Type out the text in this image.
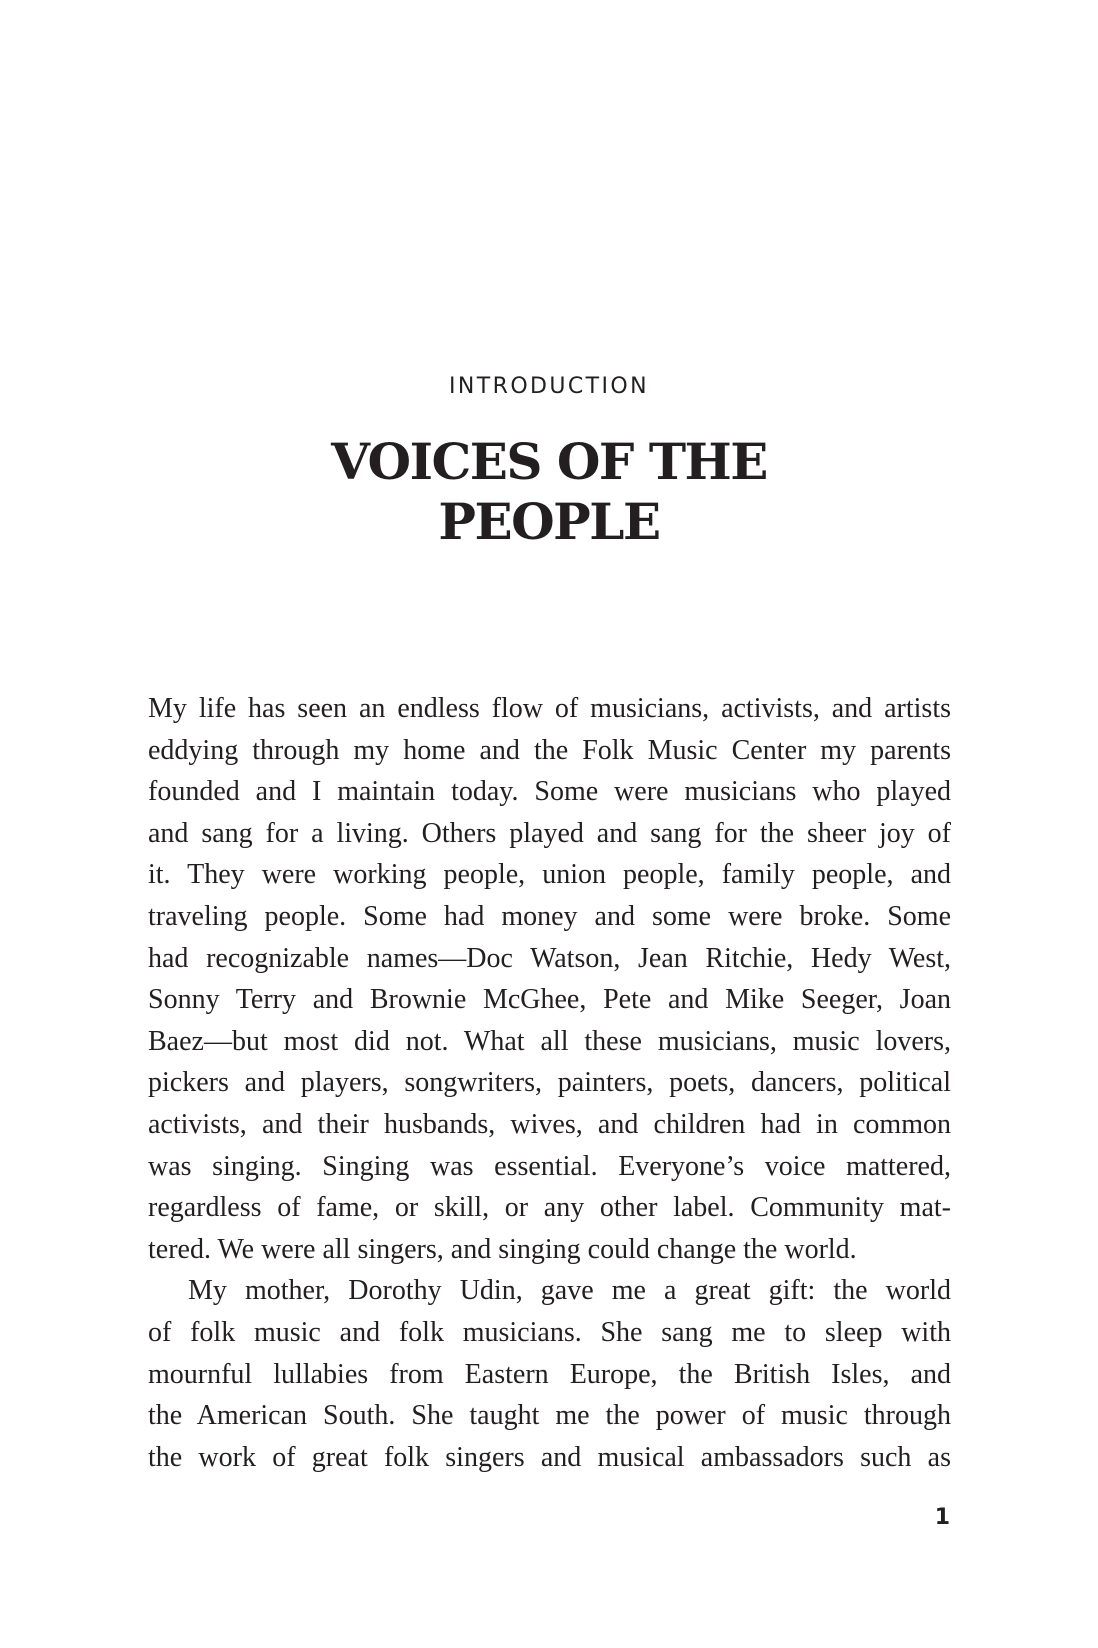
INTRODUCTION
VOICES OF THE
PEOPLE

My life has seen an endless flow of musicians, activists, and artists
eddying through my home and the Folk Music Center my parents
founded and I maintain today. Some were musicians who played
and sang for a living. Others played and sang for the sheer joy of
it. They were working people, union people, family people, and
traveling people. Some had money and some were broke. Some
had recognizable names—Doc Watson, Jean Ritchie, Hedy West,
Sonny Terry and Brownie McGhee, Pete and Mike Seeger, Joan
Baez—but most did not. What all these musicians, music lovers,
pickers and players, songwriters, painters, poets, dancers, political
activists, and their husbands, wives, and children had in common
was singing. Singing was essential. Everyone’s voice mattered,
regardless of fame, or skill, or any other label. Community mat-
tered. We were all singers, and singing could change the world.

My mother, Dorothy Udin, gave me a great gift: the world
of folk music and folk musicians. She sang me to sleep with
mournful lullabies from Eastern Europe, the British Isles, and
the American South. She taught me the power of music through
the work of great folk singers and musical ambassadors such as

1
